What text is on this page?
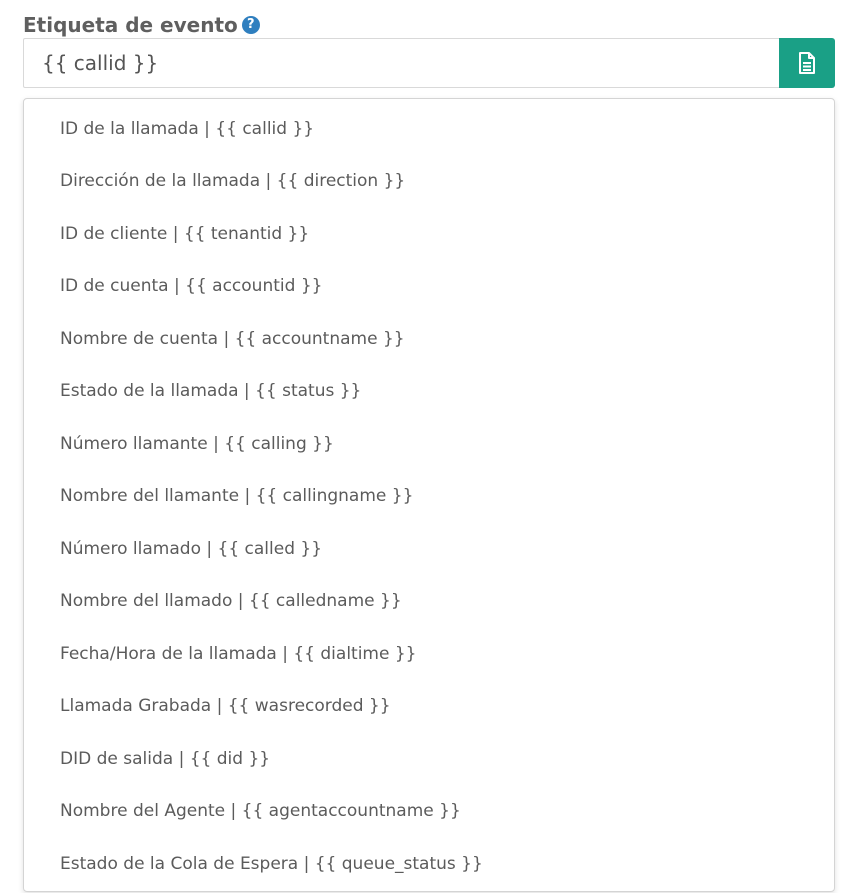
Etiqueta de evento ?
{{ callid }}
ID de la llamada | {{ callid }}
Dirección de la llamada | {{ direction }}
ID de cliente | {{ tenantid }}
ID de cuenta | {{ accountid }}
Nombre de cuenta | {{ accountname }}
Estado de la llamada | {{ status }}
Número llamante | {{ calling }}
Nombre del llamante | {{ callingname }}
Número llamado | {{ called }}
Nombre del llamado | {{ calledname }}
Fecha/Hora de la llamada | {{ dialtime }}
Llamada Grabada | {{ wasrecorded }}
DID de salida | {{ did }}
Nombre del Agente | {{ agentaccountname }}
Estado de la Cola de Espera | {{ queue_status }}
